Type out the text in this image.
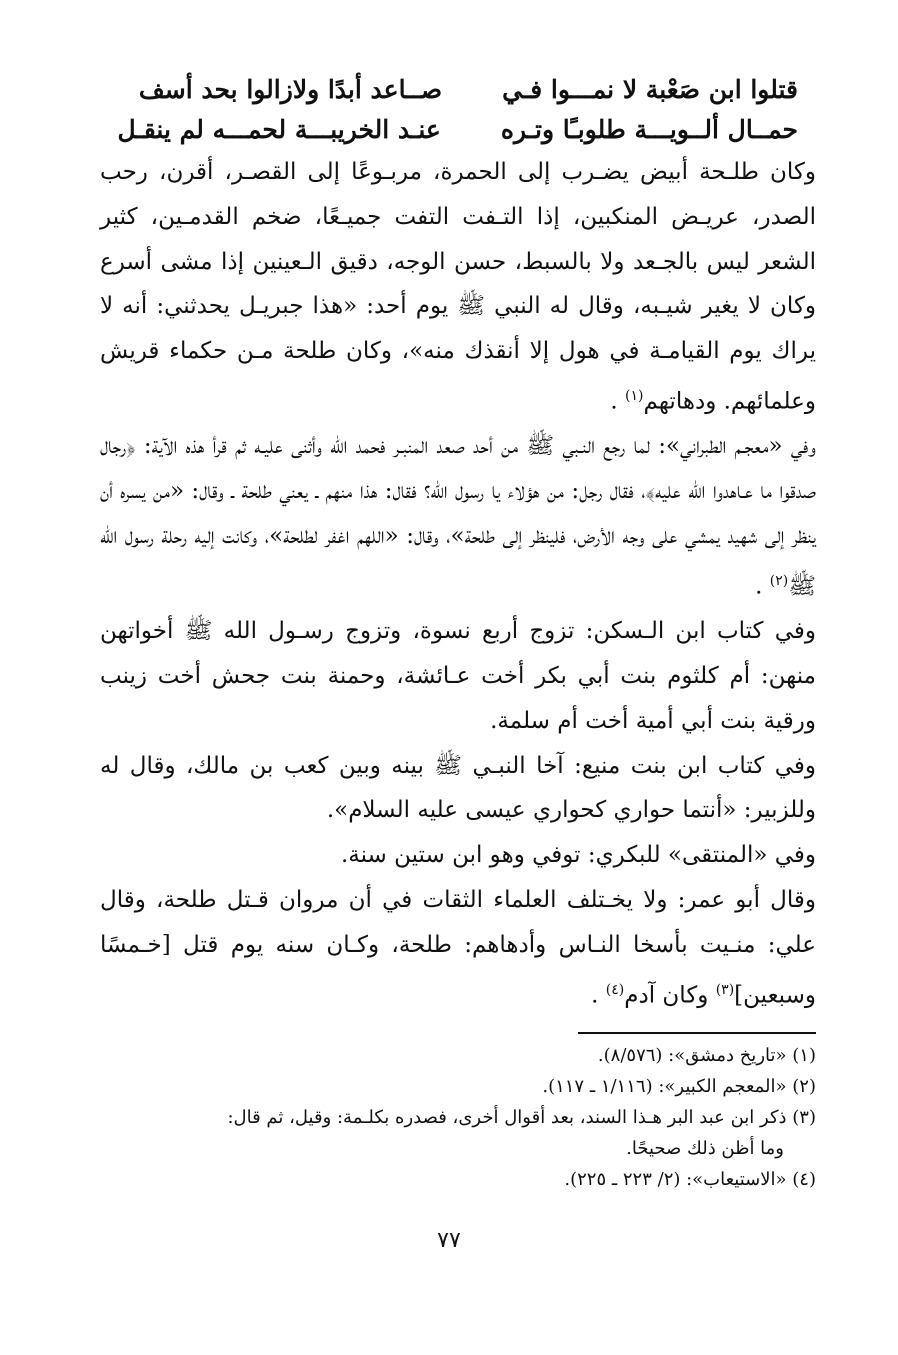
قتلوا ابن صَعْبة لا نمـــوا فـي
صــاعد أبدًا ولازالوا بحد أسف
حمــال ألــويـــة طلوبـًا وتـره
عنـد الخريبـــة لحمـــه لم ينقـل

وكان طلـحة أبيض يضـرب إلى الحمرة، مربـوعًا إلى القصـر، أقرن، رحب الصدر، عريـض المنكبين، إذا التـفت التفت جميـعًا، ضخم القدمـين، كثير الشعر ليس بالجـعد ولا بالسبط، حسن الوجه، دقيق الـعينين إذا مشى أسرع وكان لا يغير شيـبه، وقال له النبي ﷺ يوم أحد: «هذا جبريـل يحدثني: أنه لا يراك يوم القيامـة في هول إلا أنقذك منه»، وكان طلحة مـن حكماء قريش وعلمائهم. ودهاتهم$^{(١)}$ .

وفي «معجـم الطبراني»: لما رجع النـبي ﷺ من أحد صعد المنبـر فحمد الله وأثنى عليـه ثم قرأ هذه الآية: ﴿رجال صدقوا ما عـاهدوا الله عليه﴾، فقال رجل: من هؤلاء يا رسول الله؟ فقال: هذا منهم ـ يعني طلحة ـ وقال: «من يسره أن ينظر إلى شهيد يمشي على وجه الأرض، فلينظر إلى طلحة»، وقال: «اللهم اغفر لطلحة»، وكانت إليه رحلة رسول الله ﷺ$^{(٢)}$ .

وفي كتاب ابن الـسكن: تزوج أربع نسوة، وتزوج رسـول الله ﷺ أخواتهن منهن: أم كلثوم بنت أبي بكر أخت عـائشة، وحمنة بنت جحش أخت زينب ورقية بنت أبي أمية أخت أم سلمة.

وفي كتاب ابن بنت منيع: آخا النبـي ﷺ بينه وبين كعب بن مالك، وقال له وللزبير: «أنتما حواري كحواري عيسى عليه السلام».

وفي «المنتقى» للبكري: توفي وهو ابن ستين سنة.

وقال أبو عمر: ولا يخـتلف العلماء الثقات في أن مروان قـتل طلحة، وقال علي: منـيت بأسخا النـاس وأدهاهم: طلحة، وكـان سنه يوم قتل [خـمسًا وسبعين]$^{(٣)}$ وكان آدم$^{(٤)}$ .

(١) «تاريخ دمشق»: (٨/٥٧٦).

(٢) «المعجم الكبير»: (١/١١٦ ـ ١١٧).

(٣) ذكر ابن عبد البر هـذا السند، بعد أقوال أخرى، فصدره بكلـمة: وقيل، ثم قال:

وما أظن ذلك صحيحًا.

(٤) «الاستيعاب»: (٢/ ٢٢٣ ـ ٢٢٥).

٧٧
